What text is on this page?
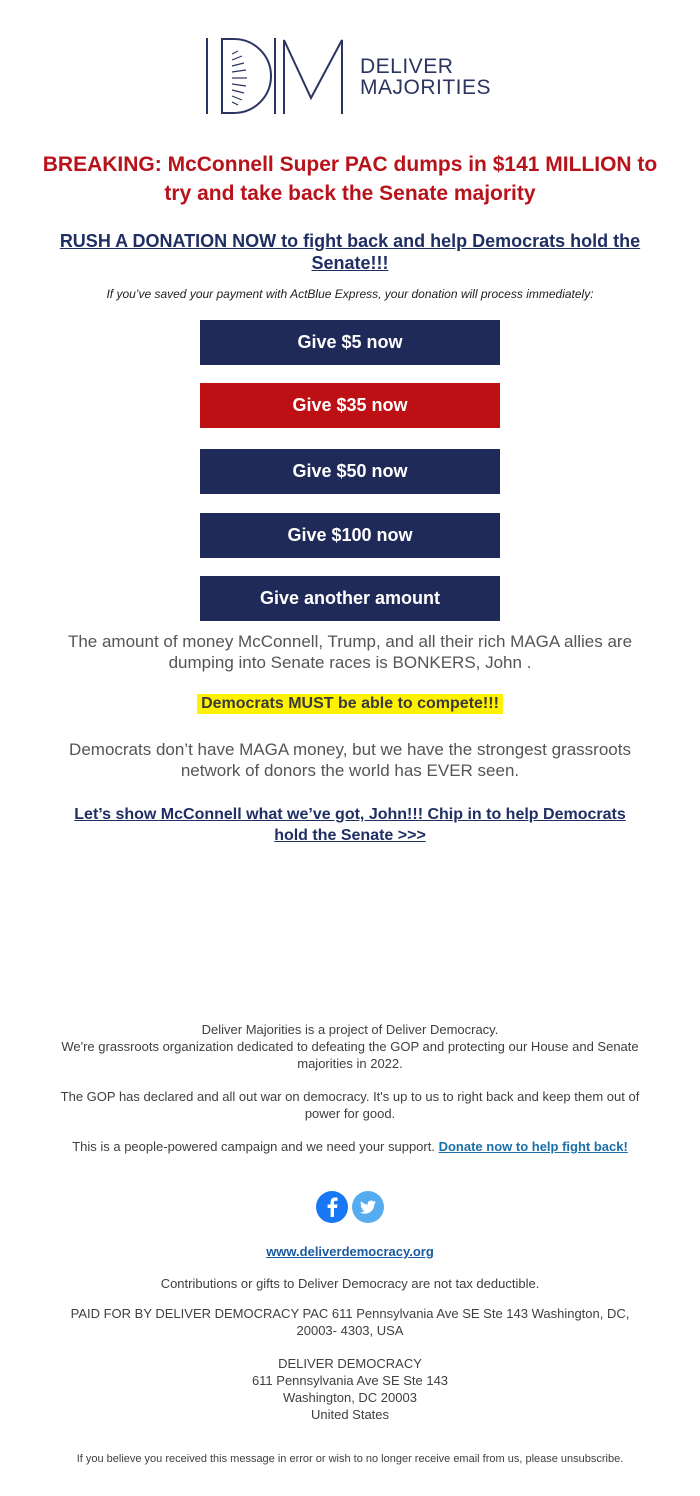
DELIVER
MAJORITIES
BREAKING: McConnell Super PAC dumps in $141 MILLION to try and take back the Senate majority
RUSH A DONATION NOW to fight back and help Democrats hold the Senate!!!
If you’ve saved your payment with ActBlue Express, your donation will process immediately:
Give $5 now
Give $35 now
Give $50 now
Give $100 now
Give another amount
The amount of money McConnell, Trump, and all their rich MAGA allies are dumping into Senate races is BONKERS, John .
Democrats MUST be able to compete!!!
Democrats don’t have MAGA money, but we have the strongest grassroots network of donors the world has EVER seen.
Let’s show McConnell what we’ve got, John!!! Chip in to help Democrats hold the Senate >>>
Deliver Majorities is a project of Deliver Democracy.
We're grassroots organization dedicated to defeating the GOP and protecting our House and Senate majorities in 2022.
The GOP has declared and all out war on democracy. It's up to us to right back and keep them out of power for good.
This is a people-powered campaign and we need your support. Donate now to help fight back!
www.deliverdemocracy.org
Contributions or gifts to Deliver Democracy are not tax deductible.
PAID FOR BY DELIVER DEMOCRACY PAC 611 Pennsylvania Ave SE Ste 143 Washington, DC, 20003- 4303, USA
DELIVER DEMOCRACY
611 Pennsylvania Ave SE Ste 143
Washington, DC 20003
United States
If you believe you received this message in error or wish to no longer receive email from us, please unsubscribe.
